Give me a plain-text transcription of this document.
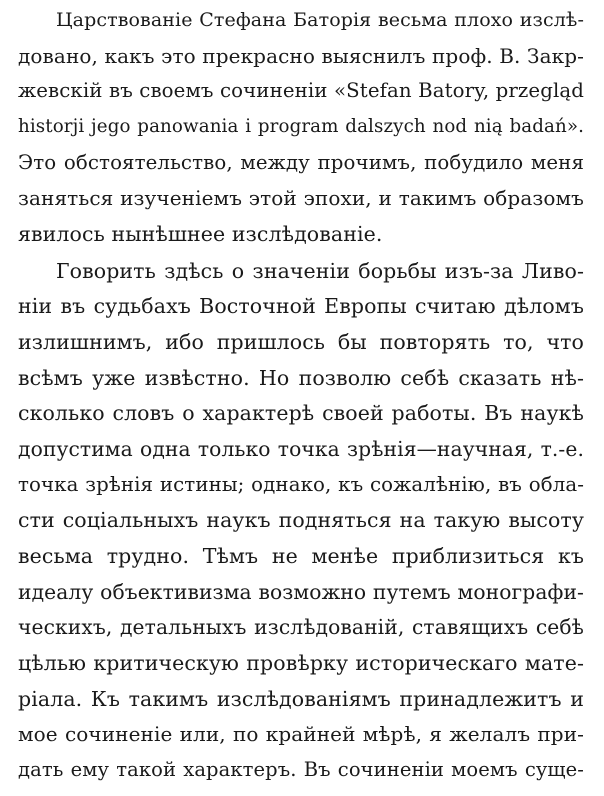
Царствованіе Стефана Баторія весьма плохо изслѣ-
довано, какъ это прекрасно выяснилъ проф. В. Закр-
жевскій въ своемъ сочиненіи «Stefan Batory, przegląd
historji jego panowania i program dalszych nod nią badań».
Это обстоятельство, между прочимъ, побудило меня
заняться изученіемъ этой эпохи, и такимъ образомъ
явилось нынѣшнее изслѣдованіе.
Говорить здѣсь о значеніи борьбы изъ-за Ливо-
ніи въ судьбахъ Восточной Европы считаю дѣломъ
излишнимъ, ибо пришлось бы повторять то, что
всѣмъ уже извѣстно. Но позволю себѣ сказать нѣ-
сколько словъ о характерѣ своей работы. Въ наукѣ
допустима одна только точка зрѣнія—научная, т.-е.
точка зрѣнія истины; однако, къ сожалѣнію, въ обла-
сти соціальныхъ наукъ подняться на такую высоту
весьма трудно. Тѣмъ не менѣе приблизиться къ
идеалу объективизма возможно путемъ монографи-
ческихъ, детальныхъ изслѣдованій, ставящихъ себѣ
цѣлью критическую провѣрку историческаго мате-
ріала. Къ такимъ изслѣдованіямъ принадлежитъ и
мое сочиненіе или, по крайней мѣрѣ, я желалъ при-
дать ему такой характеръ. Въ сочиненіи моемъ суще-
